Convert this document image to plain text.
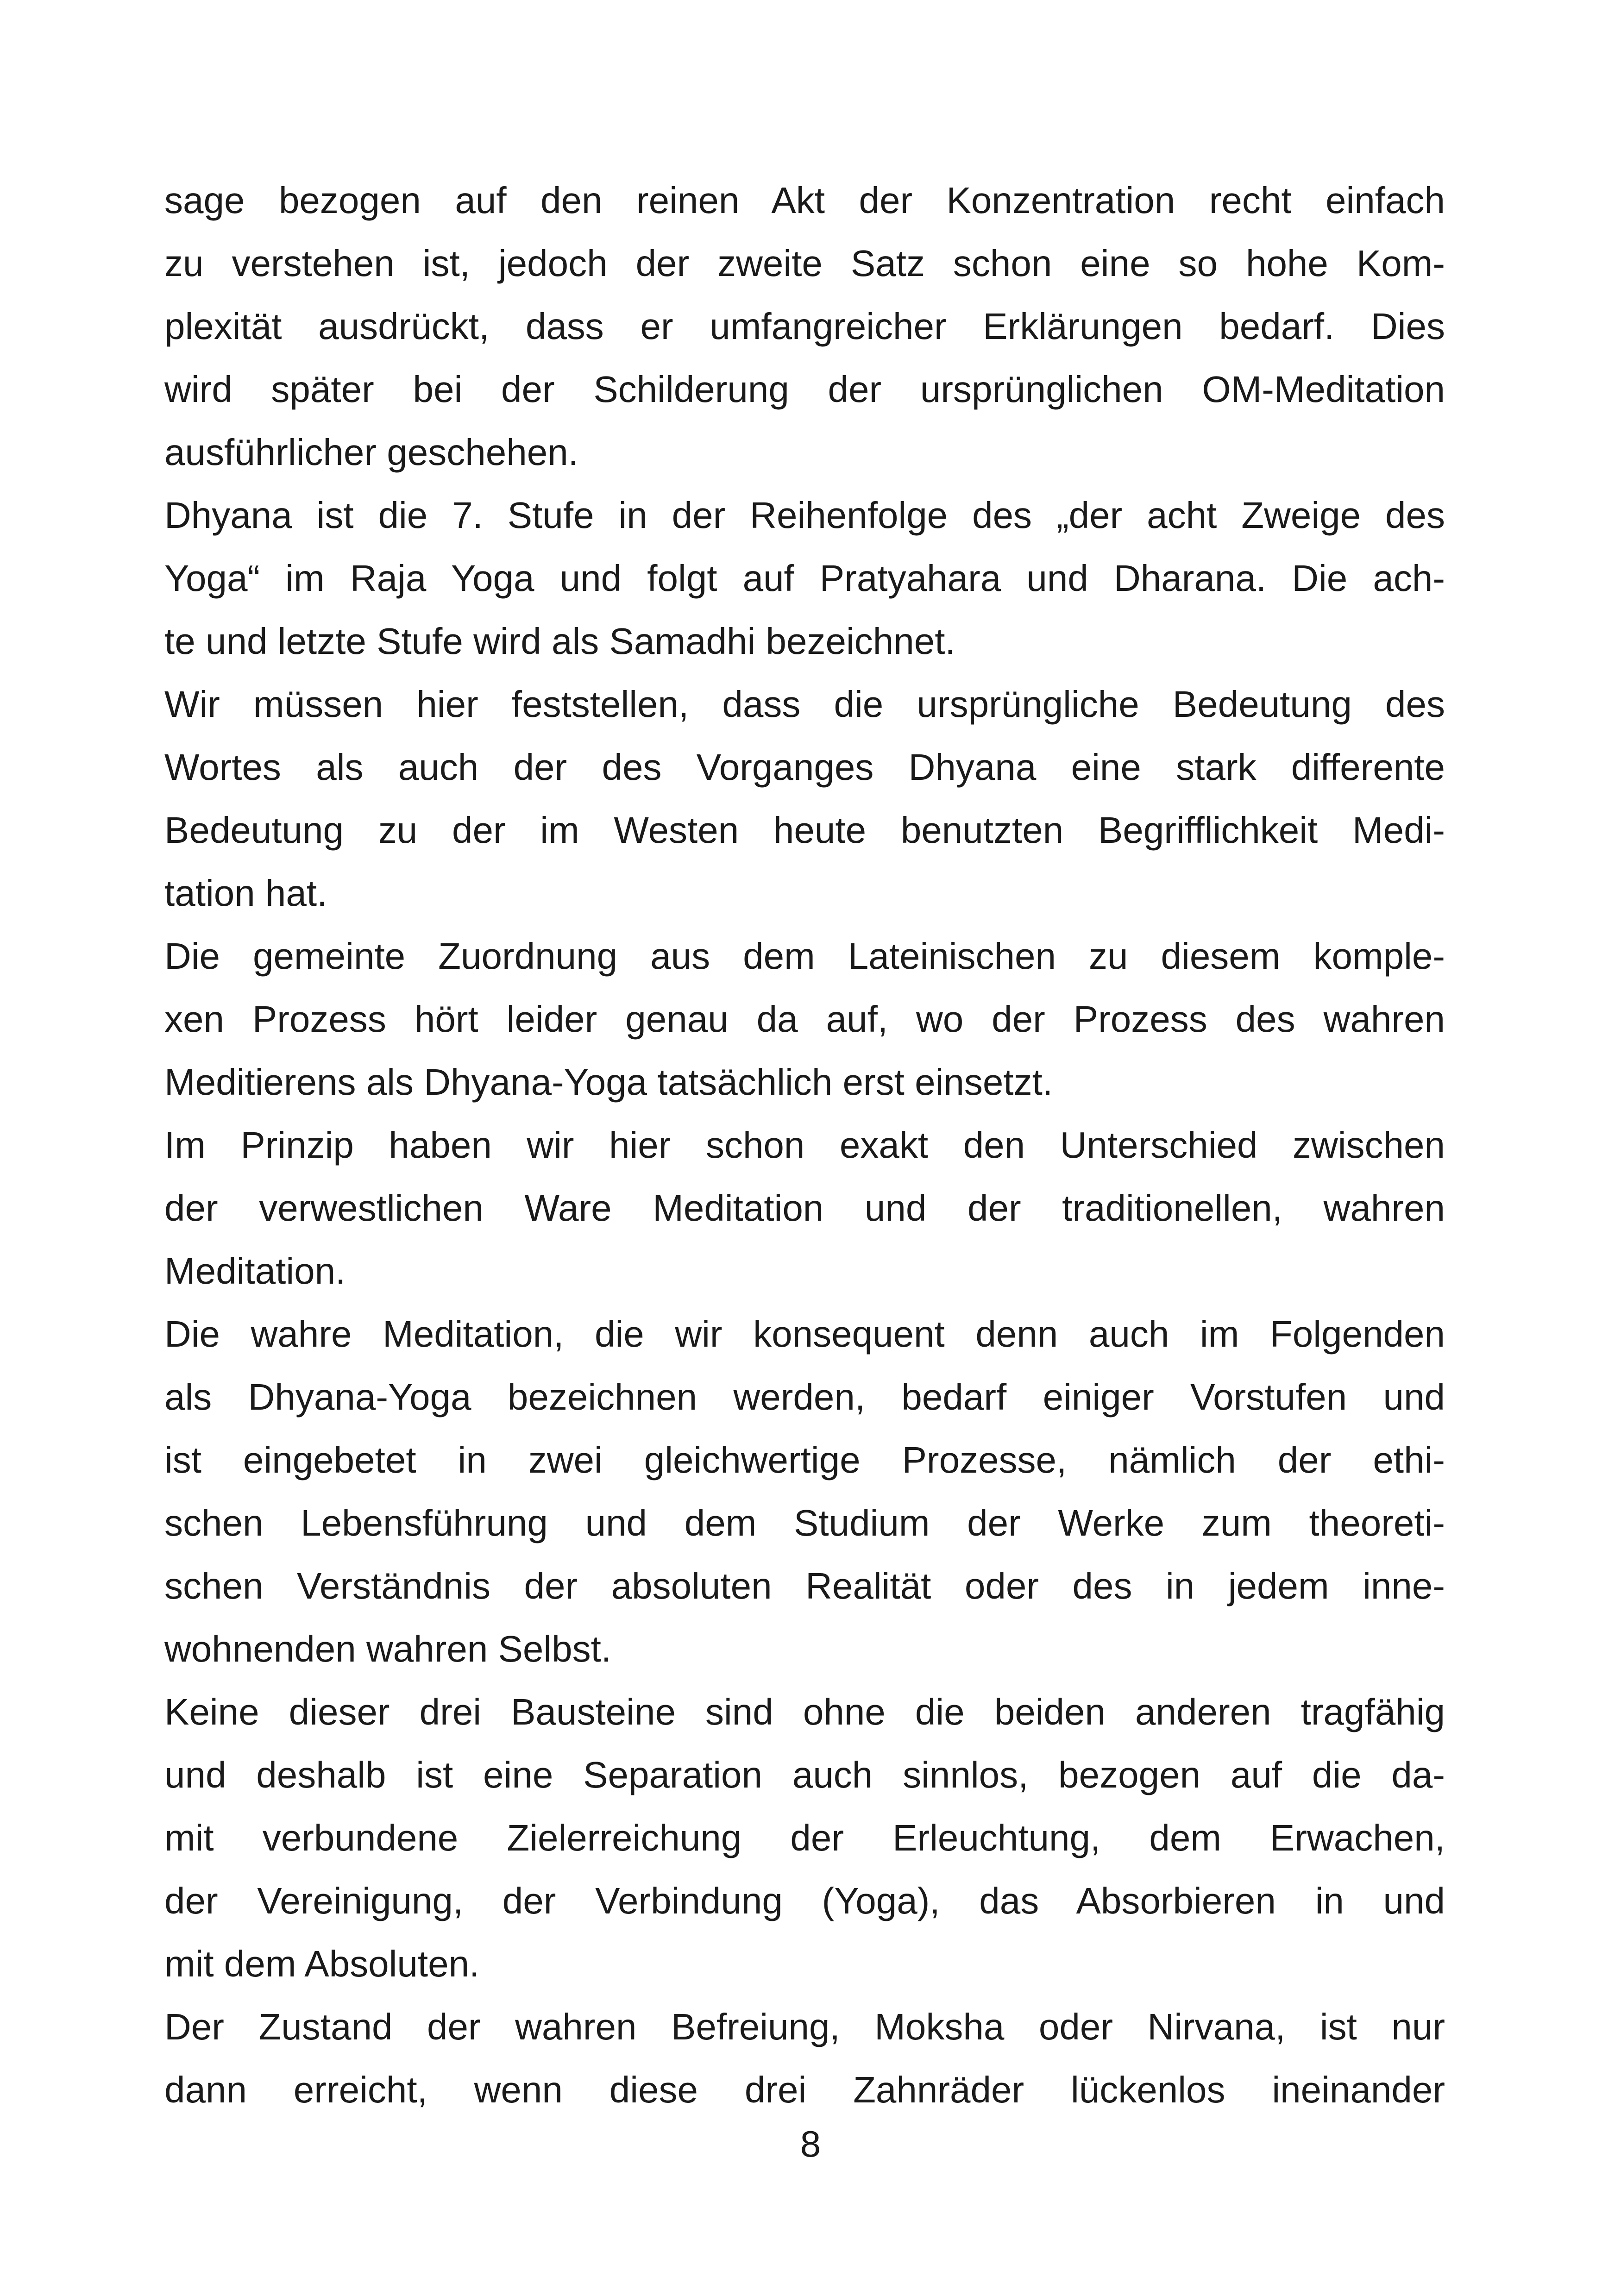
sage bezogen auf den reinen Akt der Konzentration recht einfach
zu verstehen ist, jedoch der zweite Satz schon eine so hohe Kom-
plexität ausdrückt, dass er umfangreicher Erklärungen bedarf. Dies
wird später bei der Schilderung der ursprünglichen OM-Meditation
ausführlicher geschehen.
Dhyana ist die 7. Stufe in der Reihenfolge des „der acht Zweige des
Yoga“ im Raja Yoga und folgt auf Pratyahara und Dharana. Die ach-
te und letzte Stufe wird als Samadhi bezeichnet.
Wir müssen hier feststellen, dass die ursprüngliche Bedeutung des
Wortes als auch der des Vorganges Dhyana eine stark differente
Bedeutung zu der im Westen heute benutzten Begrifflichkeit Medi-
tation hat.
Die gemeinte Zuordnung aus dem Lateinischen zu diesem komple-
xen Prozess hört leider genau da auf, wo der Prozess des wahren
Meditierens als Dhyana-Yoga tatsächlich erst einsetzt.
Im Prinzip haben wir hier schon exakt den Unterschied zwischen
der verwestlichen Ware Meditation und der traditionellen, wahren
Meditation.
Die wahre Meditation, die wir konsequent denn auch im Folgenden
als Dhyana-Yoga bezeichnen werden, bedarf einiger Vorstufen und
ist eingebetet in zwei gleichwertige Prozesse, nämlich der ethi-
schen Lebensführung und dem Studium der Werke zum theoreti-
schen Verständnis der absoluten Realität oder des in jedem inne-
wohnenden wahren Selbst.
Keine dieser drei Bausteine sind ohne die beiden anderen tragfähig
und deshalb ist eine Separation auch sinnlos, bezogen auf die da-
mit verbundene Zielerreichung der Erleuchtung, dem Erwachen,
der Vereinigung, der Verbindung (Yoga), das Absorbieren in und
mit dem Absoluten.
Der Zustand der wahren Befreiung, Moksha oder Nirvana, ist nur
dann erreicht, wenn diese drei Zahnräder lückenlos ineinander
8
